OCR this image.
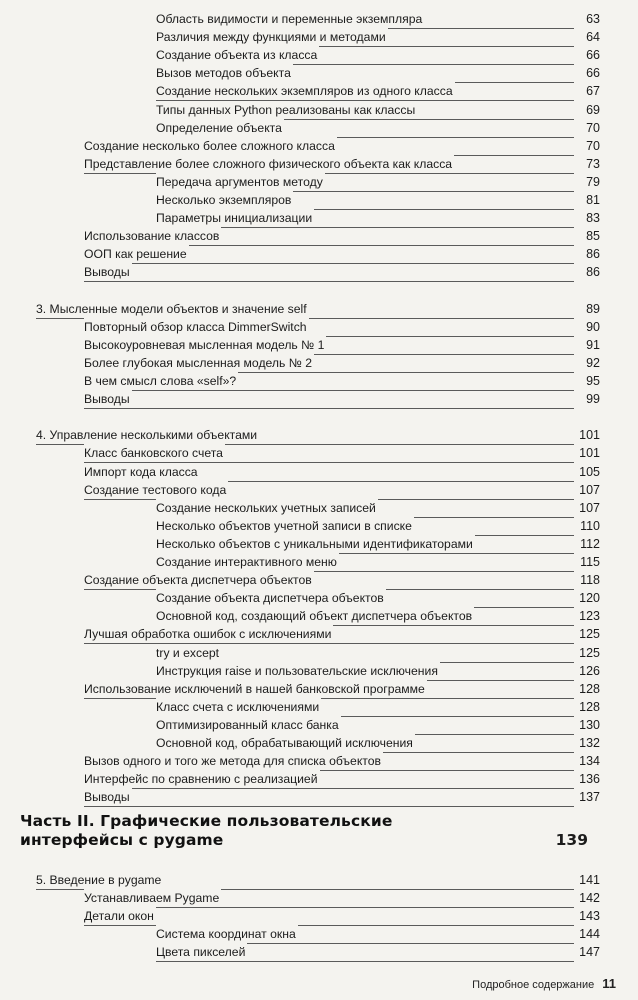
Область видимости и переменные экземпляра	63
Различия между функциями и методами	64
Создание объекта из класса	66
Вызов методов объекта	66
Создание нескольких экземпляров из одного класса	67
Типы данных Python реализованы как классы	69
Определение объекта	70
Создание несколько более сложного класса	70
Представление более сложного физического объекта как класса	73
Передача аргументов методу	79
Несколько экземпляров	81
Параметры инициализации	83
Использование классов	85
ООП как решение	86
Выводы	86
3. Мысленные модели объектов и значение self	89
Повторный обзор класса DimmerSwitch	90
Высокоуровневая мысленная модель № 1	91
Более глубокая мысленная модель № 2	92
В чем смысл слова «self»?	95
Выводы	99
4. Управление несколькими объектами	101
Класс банковского счета	101
Импорт кода класса	105
Создание тестового кода	107
Создание нескольких учетных записей	107
Несколько объектов учетной записи в списке	110
Несколько объектов с уникальными идентификаторами	112
Создание интерактивного меню	115
Создание объекта диспетчера объектов	118
Создание объекта диспетчера объектов	120
Основной код, создающий объект диспетчера объектов	123
Лучшая обработка ошибок с исключениями	125
try и except	125
Инструкция raise и пользовательские исключения	126
Использование исключений в нашей банковской программе	128
Класс счета с исключениями	128
Оптимизированный класс банка	130
Основной код, обрабатывающий исключения	132
Вызов одного и того же метода для списка объектов	134
Интерфейс по сравнению с реализацией	136
Выводы	137
Часть II. Графические пользовательские
интерфейсы с pygame	139
5. Введение в pygame	141
Устанавливаем Pygame	142
Детали окон	143
Система координат окна	144
Цвета пикселей	147
Подробное содержание 11
